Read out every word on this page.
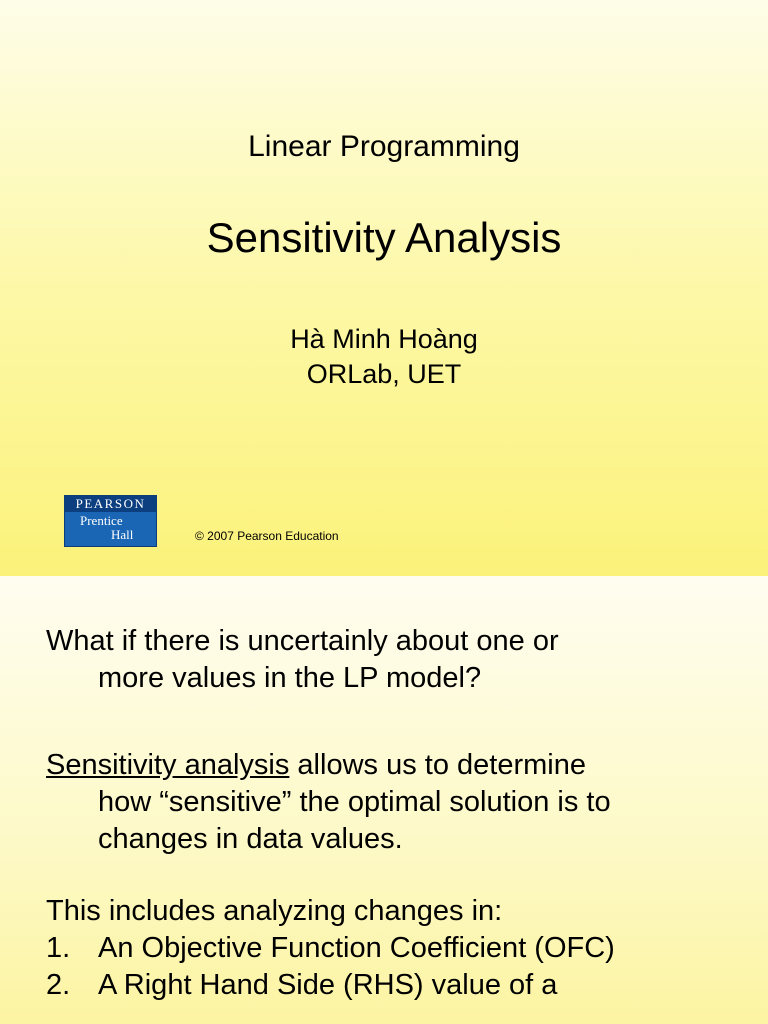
Linear Programming
Sensitivity Analysis
Hà Minh Hoàng
ORLab, UET
PEARSON
Prentice
Hall	© 2007 Pearson Education
What if there is uncertainly about one or
more values in the LP model?
Sensitivity analysis allows us to determine
how “sensitive” the optimal solution is to
changes in data values.
This includes analyzing changes in:
1. An Objective Function Coefficient (OFC)
2. A Right Hand Side (RHS) value of a
